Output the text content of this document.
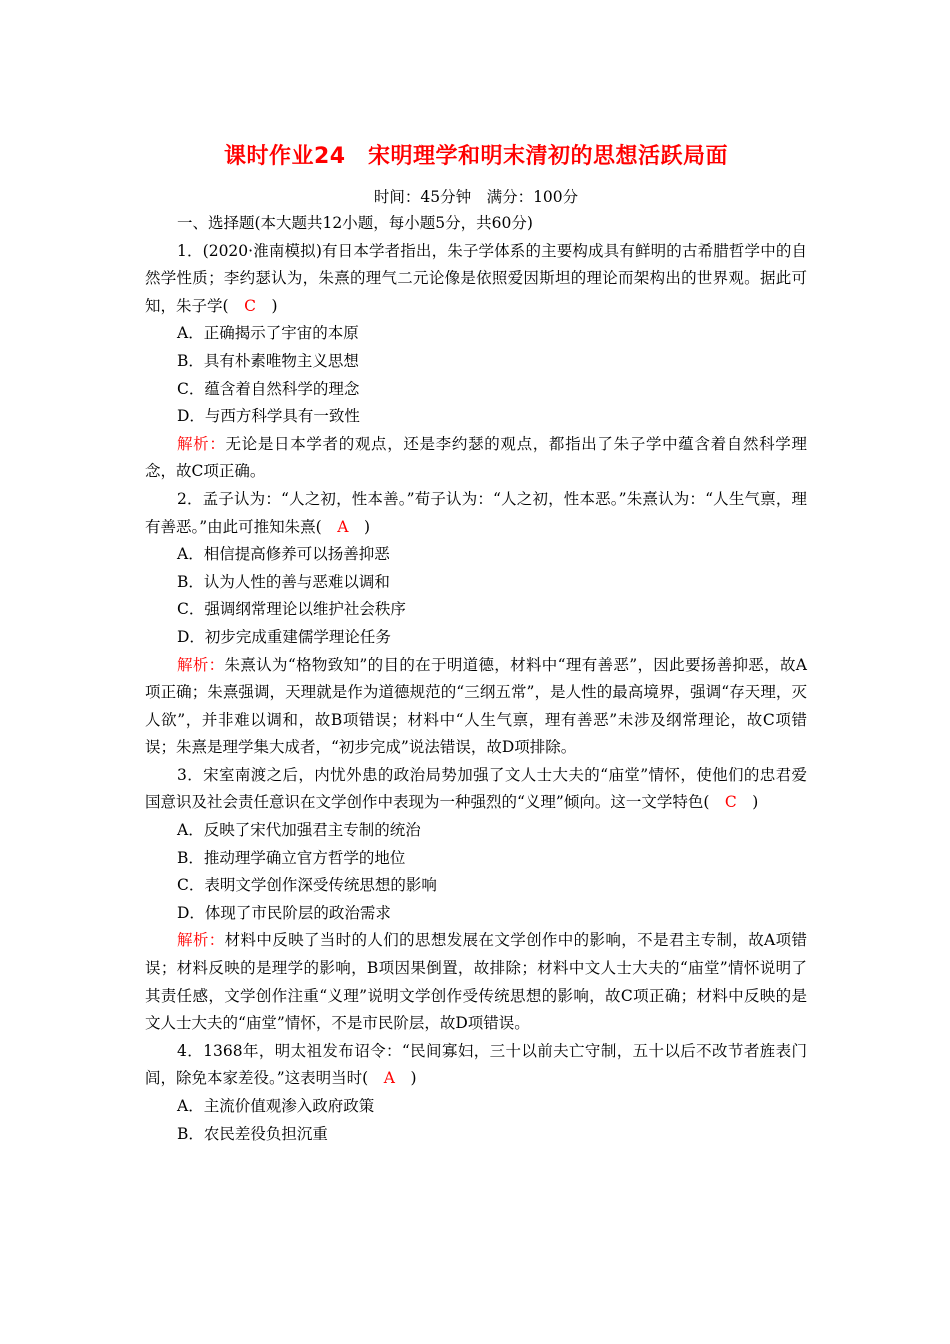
课时作业24　宋明理学和明末清初的思想活跃局面
时间：45分钟　满分：100分
一、选择题(本大题共12小题，每小题5分，共60分)
1．(2020·淮南模拟)有日本学者指出，朱子学体系的主要构成具有鲜明的古希腊哲学中的自然学性质；李约瑟认为，朱熹的理气二元论像是依照爱因斯坦的理论而架构出的世界观。据此可知，朱子学(　C　)
A．正确揭示了宇宙的本原
B．具有朴素唯物主义思想
C．蕴含着自然科学的理念
D．与西方科学具有一致性
解析：无论是日本学者的观点，还是李约瑟的观点，都指出了朱子学中蕴含着自然科学理念，故C项正确。
2．孟子认为：“人之初，性本善。”荀子认为：“人之初，性本恶。”朱熹认为：“人生气禀，理有善恶。”由此可推知朱熹(　A　)
A．相信提高修养可以扬善抑恶
B．认为人性的善与恶难以调和
C．强调纲常理论以维护社会秩序
D．初步完成重建儒学理论任务
解析：朱熹认为“格物致知”的目的在于明道德，材料中“理有善恶”，因此要扬善抑恶，故A项正确；朱熹强调，天理就是作为道德规范的“三纲五常”，是人性的最高境界，强调“存天理，灭人欲”，并非难以调和，故B项错误；材料中“人生气禀，理有善恶”未涉及纲常理论，故C项错误；朱熹是理学集大成者，“初步完成”说法错误，故D项排除。
3．宋室南渡之后，内忧外患的政治局势加强了文人士大夫的“庙堂”情怀，使他们的忠君爱国意识及社会责任意识在文学创作中表现为一种强烈的“义理”倾向。这一文学特色(　C　)
A．反映了宋代加强君主专制的统治
B．推动理学确立官方哲学的地位
C．表明文学创作深受传统思想的影响
D．体现了市民阶层的政治需求
解析：材料中反映了当时的人们的思想发展在文学创作中的影响，不是君主专制，故A项错误；材料反映的是理学的影响，B项因果倒置，故排除；材料中文人士大夫的“庙堂”情怀说明了其责任感，文学创作注重“义理”说明文学创作受传统思想的影响，故C项正确；材料中反映的是文人士大夫的“庙堂”情怀，不是市民阶层，故D项错误。
4．1368年，明太祖发布诏令：“民间寡妇，三十以前夫亡守制，五十以后不改节者旌表门闾，除免本家差役。”这表明当时(　A　)
A．主流价值观渗入政府政策
B．农民差役负担沉重
